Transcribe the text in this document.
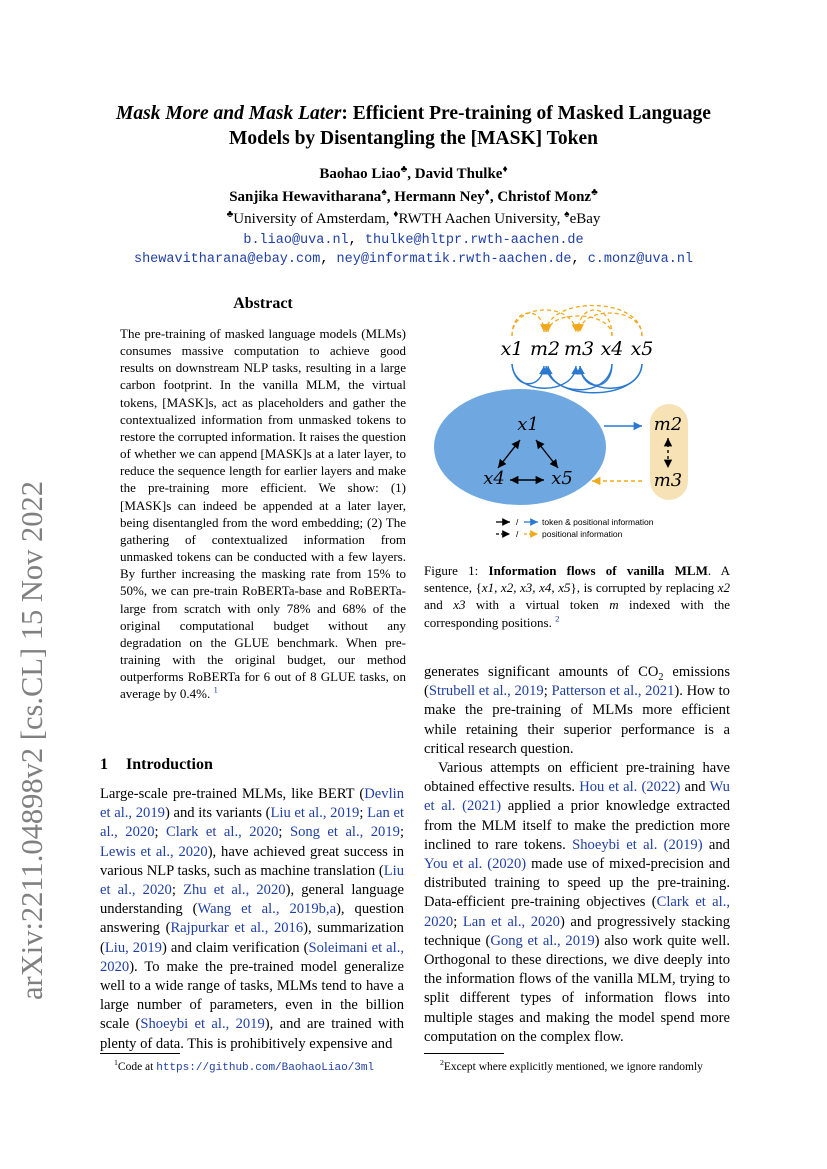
arXiv:2211.04898v2 [cs.CL] 15 Nov 2022
Mask More and Mask Later: Efficient Pre-training of Masked Language
Models by Disentangling the [MASK] Token
Baohao Liao♣, David Thulke♦
Sanjika Hewavitharana♠, Hermann Ney♦, Christof Monz♣
♣University of Amsterdam, ♦RWTH Aachen University, ♠eBay
b.liao@uva.nl, thulke@hltpr.rwth-aachen.de
shewavitharana@ebay.com, ney@informatik.rwth-aachen.de, c.monz@uva.nl
Abstract
The pre-training of masked language models (MLMs) consumes massive computation to achieve good results on downstream NLP tasks, resulting in a large carbon footprint. In the vanilla MLM, the virtual tokens, [MASK]s, act as placeholders and gather the contextualized information from unmasked tokens to restore the corrupted information. It raises the question of whether we can append [MASK]s at a later layer, to reduce the sequence length for earlier layers and make the pre-training more efficient. We show: (1) [MASK]s can indeed be appended at a later layer, being disentangled from the word embedding; (2) The gathering of contextualized information from unmasked tokens can be conducted with a few layers. By further increasing the masking rate from 15% to 50%, we can pre-train RoBERTa-base and RoBERTa-large from scratch with only 78% and 68% of the original computational budget without any degradation on the GLUE benchmark. When pre-training with the original budget, our method outperforms RoBERTa for 6 out of 8 GLUE tasks, on average by 0.4%. $^1$
1 Introduction
Large-scale pre-trained MLMs, like BERT (Devlin et al., 2019) and its variants (Liu et al., 2019; Lan et al., 2020; Clark et al., 2020; Song et al., 2019; Lewis et al., 2020), have achieved great success in various NLP tasks, such as machine translation (Liu et al., 2020; Zhu et al., 2020), general language understanding (Wang et al., 2019b,a), question answering (Rajpurkar et al., 2016), summarization (Liu, 2019) and claim verification (Soleimani et al., 2020). To make the pre-trained model generalize well to a wide range of tasks, MLMs tend to have a large number of parameters, even in the billion scale (Shoeybi et al., 2019), and are trained with plenty of data. This is prohibitively expensive and
$^1$Code at https://github.com/BaohaoLiao/3ml
x1 m2 m3 x4 x5
x1
x4	x5
m2
m3
/	token & positional information
/	positional information
Figure 1: Information flows of vanilla MLM. A sentence, {x1, x2, x3, x4, x5}, is corrupted by replacing x2 and x3 with a virtual token m indexed with the corresponding positions. $^2$

generates significant amounts of $CO_2$ emissions (Strubell et al., 2019; Patterson et al., 2021). How to make the pre-training of MLMs more efficient while retaining their superior performance is a critical research question.

Various attempts on efficient pre-training have obtained effective results. Hou et al. (2022) and Wu et al. (2021) applied a prior knowledge extracted from the MLM itself to make the prediction more inclined to rare tokens. Shoeybi et al. (2019) and You et al. (2020) made use of mixed-precision and distributed training to speed up the pre-training. Data-efficient pre-training objectives (Clark et al., 2020; Lan et al., 2020) and progressively stacking technique (Gong et al., 2019) also work quite well. Orthogonal to these directions, we dive deeply into the information flows of the vanilla MLM, trying to split different types of information flows into multiple stages and making the model spend more computation on the complex flow.

$^2$Except where explicitly mentioned, we ignore randomly
